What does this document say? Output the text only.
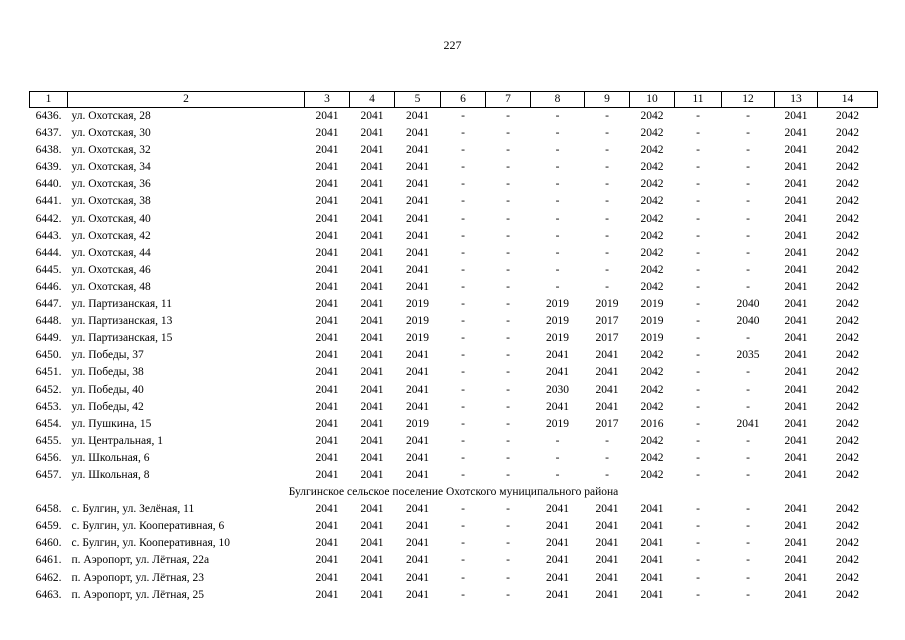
227
1	2	3	4	5	6	7	8	9	10	11	12	13	14
6436.	ул. Охотская, 28	2041	2041	2041	-	-	-	-	2042	-	-	2041	2042
6437.	ул. Охотская, 30	2041	2041	2041	-	-	-	-	2042	-	-	2041	2042
6438.	ул. Охотская, 32	2041	2041	2041	-	-	-	-	2042	-	-	2041	2042
6439.	ул. Охотская, 34	2041	2041	2041	-	-	-	-	2042	-	-	2041	2042
6440.	ул. Охотская, 36	2041	2041	2041	-	-	-	-	2042	-	-	2041	2042
6441.	ул. Охотская, 38	2041	2041	2041	-	-	-	-	2042	-	-	2041	2042
6442.	ул. Охотская, 40	2041	2041	2041	-	-	-	-	2042	-	-	2041	2042
6443.	ул. Охотская, 42	2041	2041	2041	-	-	-	-	2042	-	-	2041	2042
6444.	ул. Охотская, 44	2041	2041	2041	-	-	-	-	2042	-	-	2041	2042
6445.	ул. Охотская, 46	2041	2041	2041	-	-	-	-	2042	-	-	2041	2042
6446.	ул. Охотская, 48	2041	2041	2041	-	-	-	-	2042	-	-	2041	2042
6447.	ул. Партизанская, 11	2041	2041	2019	-	-	2019	2019	2019	-	2040	2041	2042
6448.	ул. Партизанская, 13	2041	2041	2019	-	-	2019	2017	2019	-	2040	2041	2042
6449.	ул. Партизанская, 15	2041	2041	2019	-	-	2019	2017	2019	-	-	2041	2042
6450.	ул. Победы, 37	2041	2041	2041	-	-	2041	2041	2042	-	2035	2041	2042
6451.	ул. Победы, 38	2041	2041	2041	-	-	2041	2041	2042	-	-	2041	2042
6452.	ул. Победы, 40	2041	2041	2041	-	-	2030	2041	2042	-	-	2041	2042
6453.	ул. Победы, 42	2041	2041	2041	-	-	2041	2041	2042	-	-	2041	2042
6454.	ул. Пушкина, 15	2041	2041	2019	-	-	2019	2017	2016	-	2041	2041	2042
6455.	ул. Центральная, 1	2041	2041	2041	-	-	-	-	2042	-	-	2041	2042
6456.	ул. Школьная, 6	2041	2041	2041	-	-	-	-	2042	-	-	2041	2042
6457.	ул. Школьная, 8	2041	2041	2041	-	-	-	-	2042	-	-	2041	2042
Булгинское сельское поселение Охотского муниципального района													
6458.	с. Булгин, ул. Зелёная, 11	2041	2041	2041	-	-	2041	2041	2041	-	-	2041	2042
6459.	с. Булгин, ул. Кооперативная, 6	2041	2041	2041	-	-	2041	2041	2041	-	-	2041	2042
6460.	с. Булгин, ул. Кооперативная, 10	2041	2041	2041	-	-	2041	2041	2041	-	-	2041	2042
6461.	п. Аэропорт, ул. Лётная, 22а	2041	2041	2041	-	-	2041	2041	2041	-	-	2041	2042
6462.	п. Аэропорт, ул. Лётная, 23	2041	2041	2041	-	-	2041	2041	2041	-	-	2041	2042
6463.	п. Аэропорт, ул. Лётная, 25	2041	2041	2041	-	-	2041	2041	2041	-	-	2041	2042
